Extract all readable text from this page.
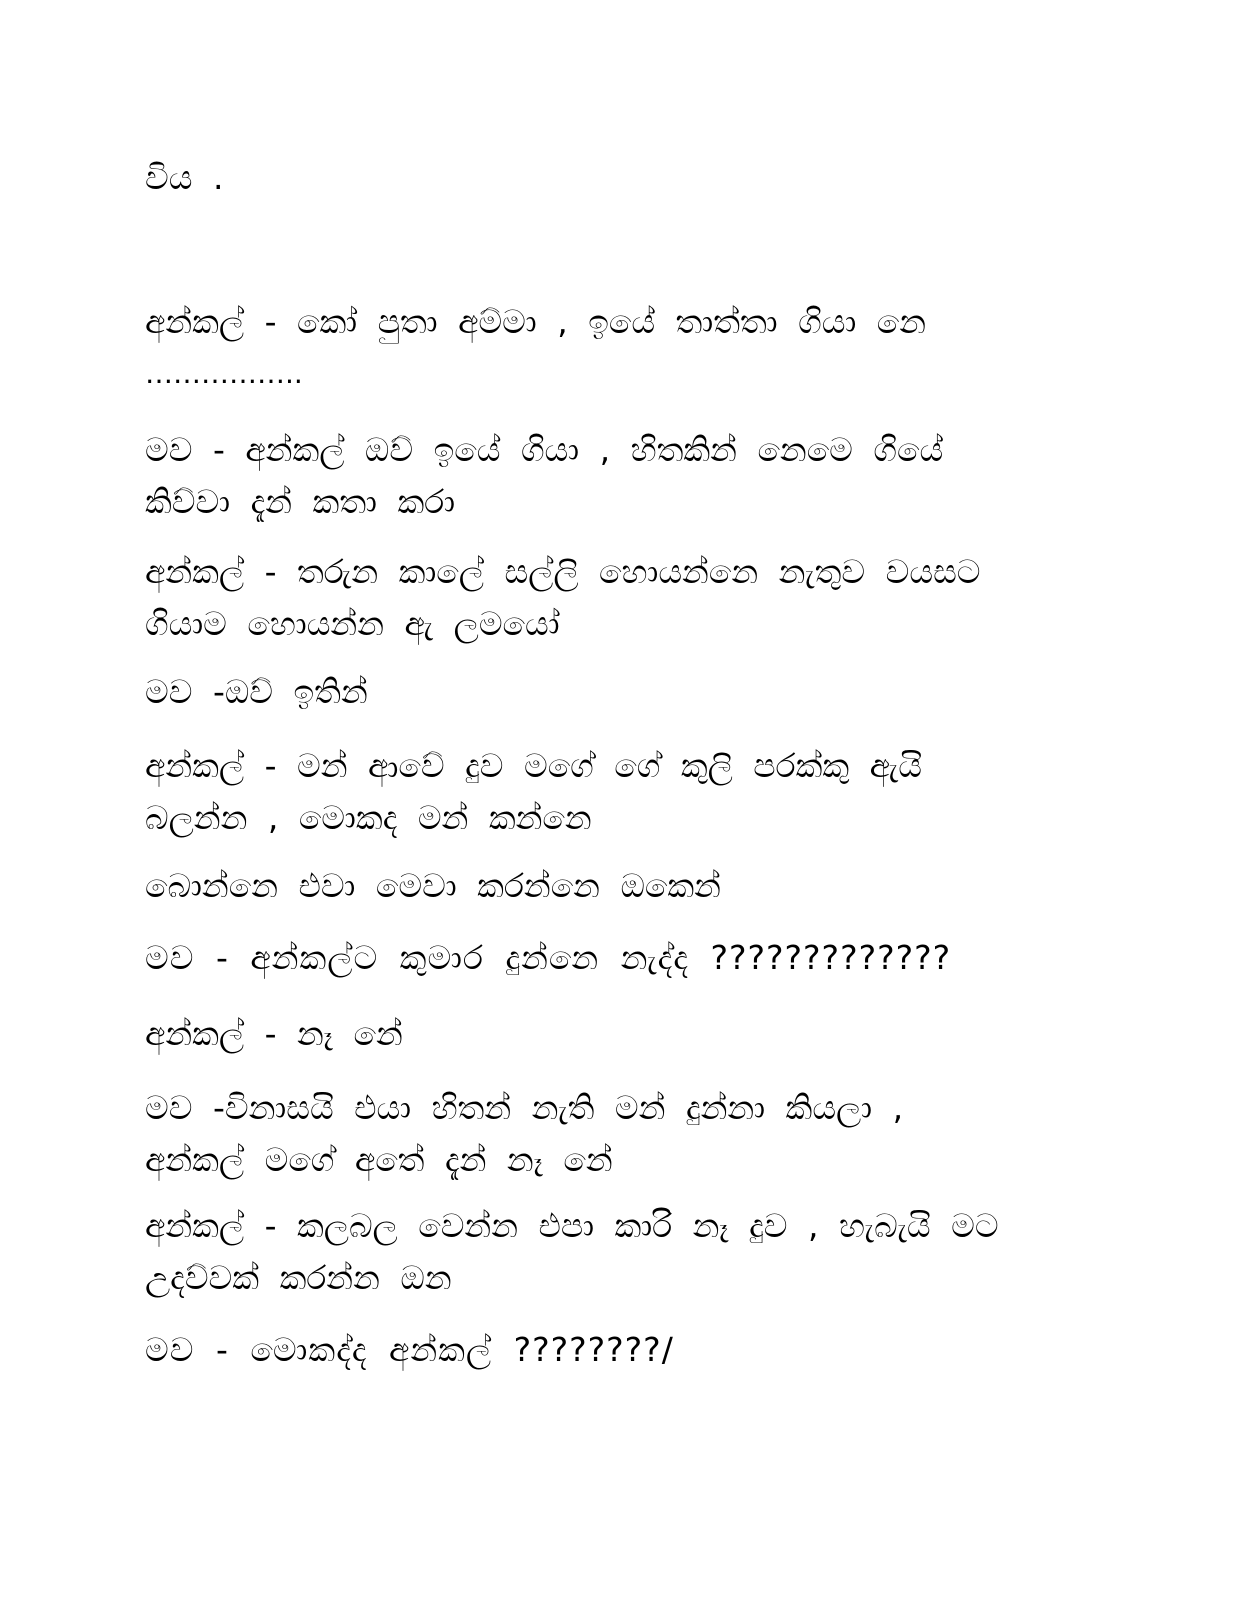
විය .
අන්කල් - කෝ පුතා අම්මා , ඉයේ තාත්තා ගියා නෙ
……………..
මව - අන්කල් ඔව් ඉයේ ගියා , හිතකින් නෙමෙ ගියේ
කිව්වා දැන් කතා කරා
අන්කල් - තරුන කාලේ සල්ලි හොයන්නෙ නැතුව වයසට
ගියාම හොයන්න ඇ ලමයෝ
මව -ඔව් ඉතින්
අන්කල් - මන් ආවේ දුව මගේ ගේ කුලි පරක්කු ඇයි
බලන්න , මොකද මන් කන්නෙ
බොන්නෙ එවා මෙවා කරන්නෙ ඔකෙන්
මව - අන්කල්ට කුමාර දුන්නෙ නැද්ද ?????????????
අන්කල් - නෑ නේ
මව -විනාසයි එයා හිතන් නැති මන් දුන්නා කියලා ,
අන්කල් මගේ අතේ දැන් නෑ නේ
අන්කල් - කලබල වෙන්න එපා කාරි නෑ දුව , හැබැයි මට
උදව්වක් කරන්න ඔන
මව - මොකද්ද අන්කල් ????????/
